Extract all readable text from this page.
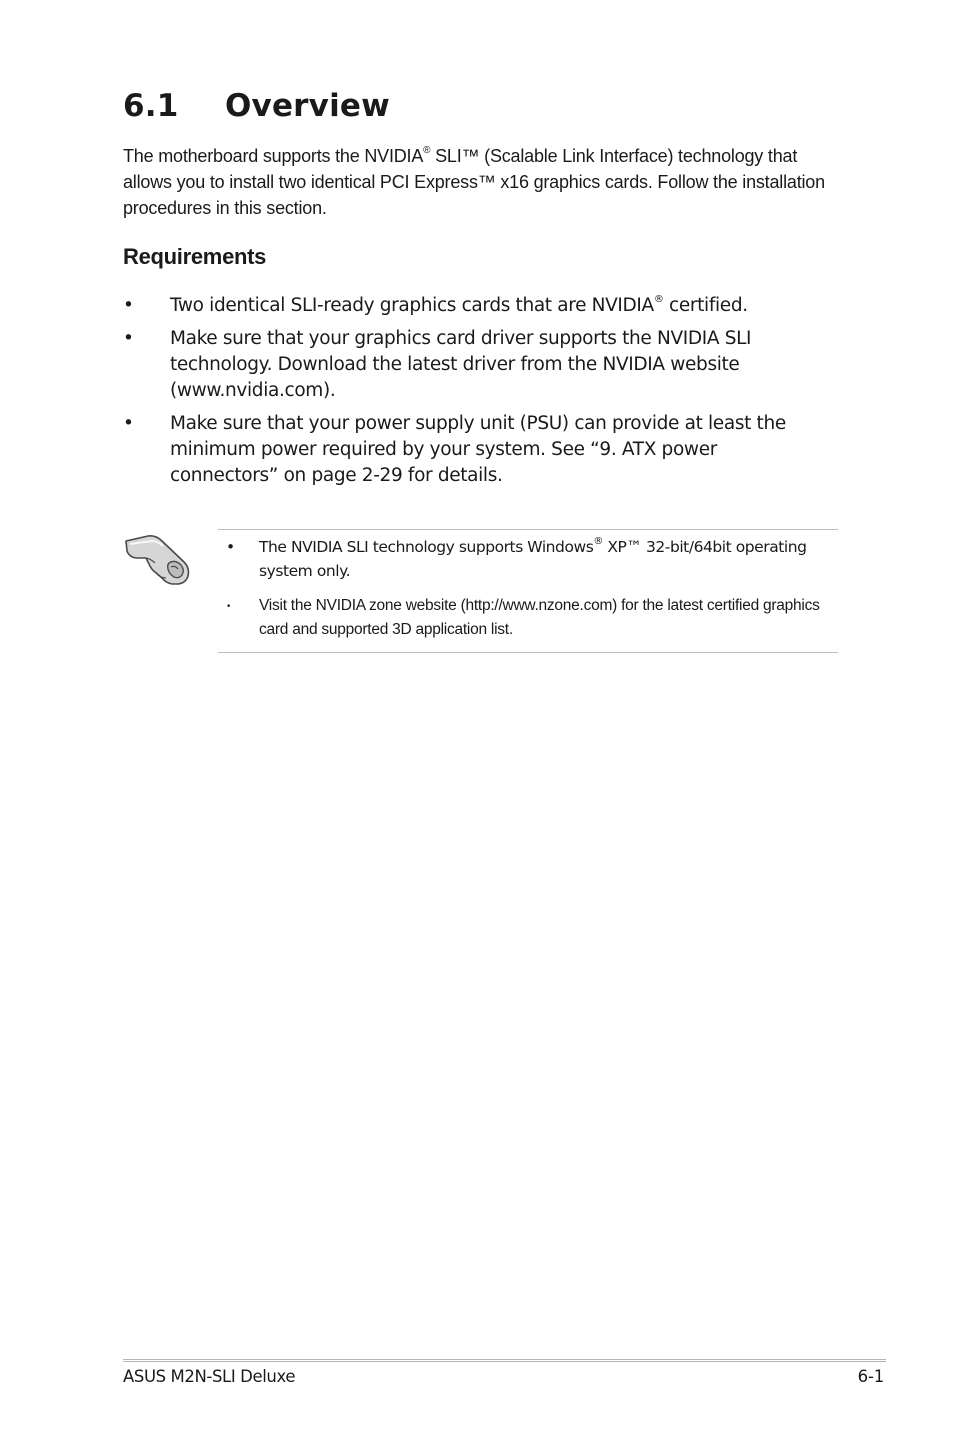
6.1 Overview

The motherboard supports the NVIDIA® SLI™ (Scalable Link Interface) technology that allows you to install two identical PCI Express™ x16 graphics cards. Follow the installation procedures in this section.

Requirements
• Two identical SLI-ready graphics cards that are NVIDIA® certified.
• Make sure that your graphics card driver supports the NVIDIA SLI technology. Download the latest driver from the NVIDIA website (www.nvidia.com).
• Make sure that your power supply unit (PSU) can provide at least the minimum power required by your system. See “9. ATX power connectors” on page 2-29 for details.
• The NVIDIA SLI technology supports Windows® XP™ 32-bit/64bit operating system only.
• Visit the NVIDIA zone website (http://www.nzone.com) for the latest certified graphics card and supported 3D application list.
ASUS M2N-SLI Deluxe	6-1
